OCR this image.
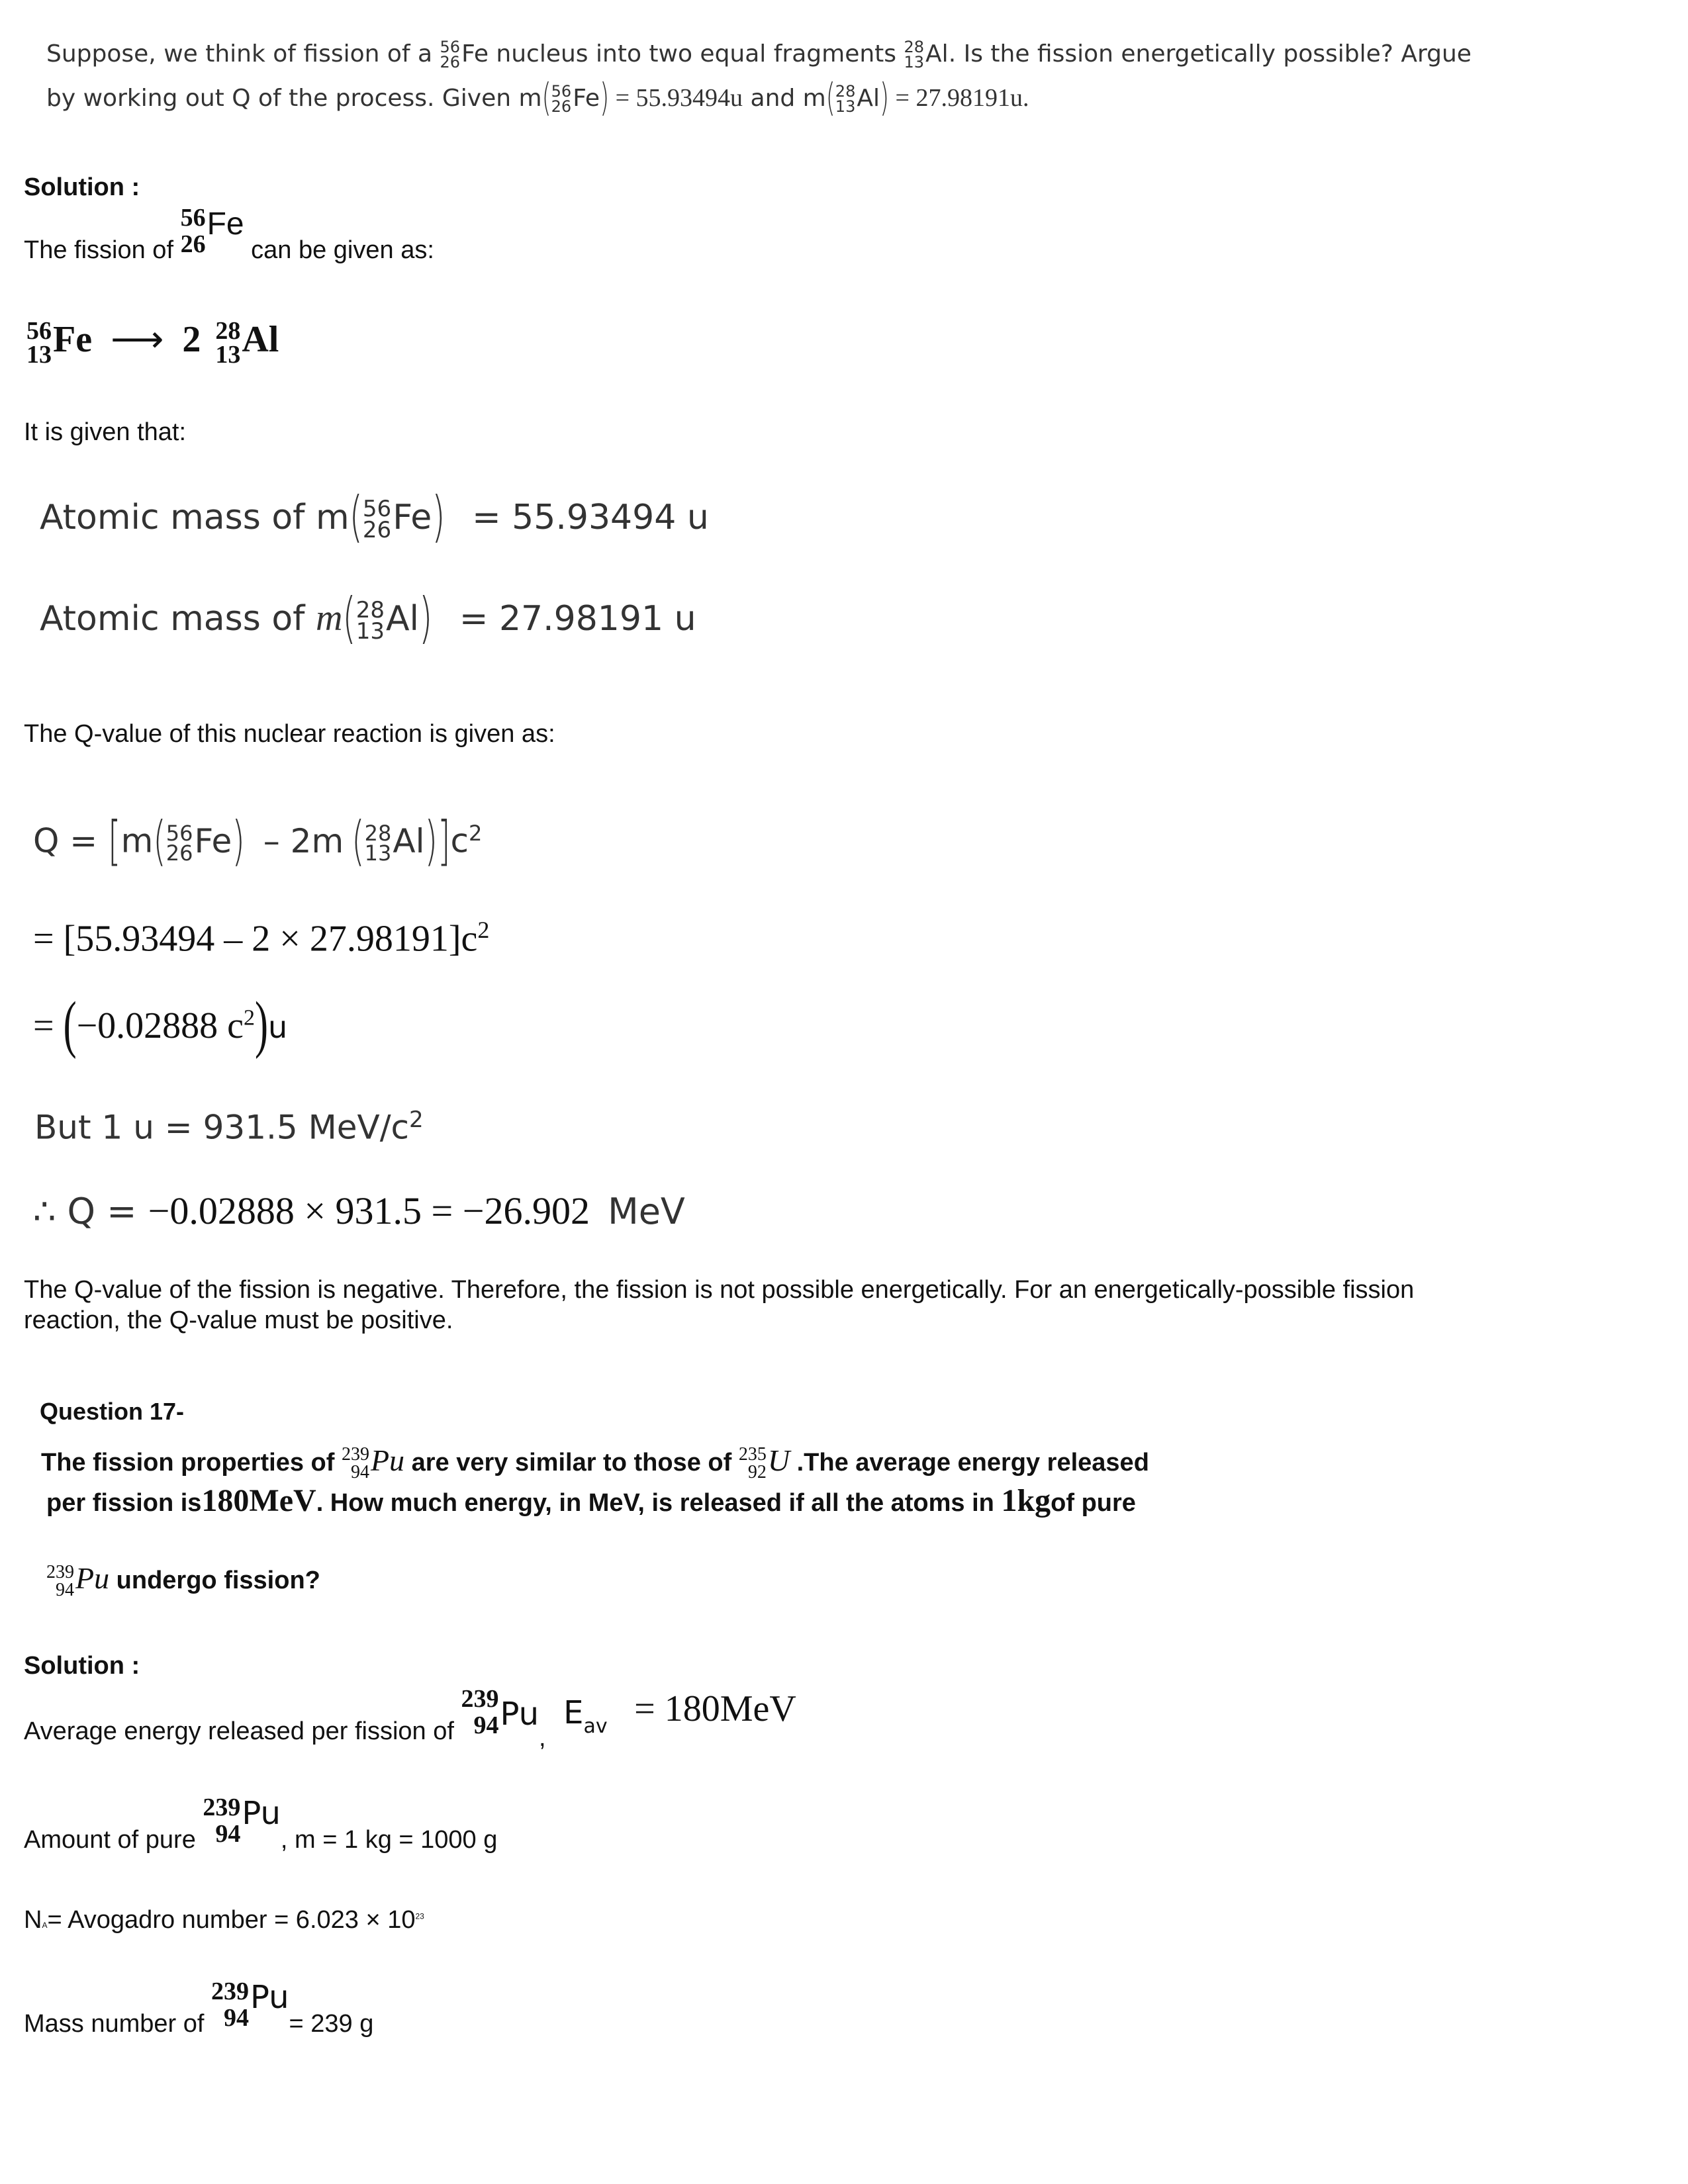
Suppose, we think of fission of a 56
26 Fe nucleus into two equal fragments 28
13 Al. Is the fission energetically possible? Argue
by working out Q of the process. Given m( 56
26 Fe) = 55.93494u and m( 28
13 Al) = 27.98191u.
Solution :
The fission of
56
26
Fe can be given as:
56
13 Fe ⟶ 2 28
13 Al
It is given that:
Atomic mass of m( 56
26 Fe) = 55.93494 u
Atomic mass of m( 28
13 Al) = 27.98191 u
The Q-value of this nuclear reaction is given as:
Q = [m( 56
26 Fe) – 2m ( 28
13 $Al)]c^2$
= $[55.93494 - 2 \times 27.98191]c^2$
= (−0.02888 $c^2)u$
But 1 u = 931.5 MeV/$c^2$
∴ Q = −0.02888 × 931.5 = −26.902 MeV
The Q-value of the fission is negative. Therefore, the fission is not possible energetically. For an energetically-possible fission
reaction, the Q-value must be positive.
Question 17-
The fission properties of 239
94 Pu are very similar to those of 235
92 U .The average energy released
per fission is180MeV. How much energy, in MeV, is released if all the atoms in 1kgof pure
239
94 Pu undergo fission?
Solution :
Average energy released per fission of
239
94 Pu, $E_{av} = 180MeV$
Amount of pure
239
94
Pu, m = 1 kg = 1000 g
NA= Avogadro number = $6.023 \times 10^{23}$
Mass number of
239
94
Pu= 239 g
